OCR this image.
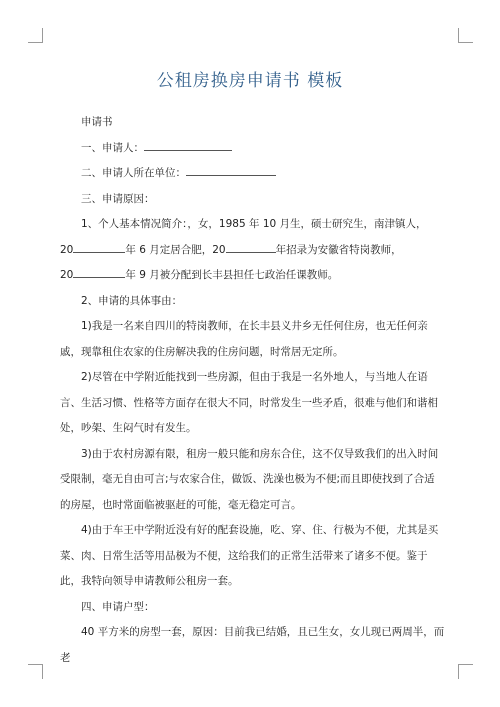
公租房换房申请书 模板

申请书

一、申请人：

二、申请人所在单位：

三、申请原因：

1、个人基本情况简介：，女，1985 年 10 月生，硕士研究生，南津镇人，

20	年 6 月定居合肥，20	年招录为安徽省特岗教师，

20	年 9 月被分配到长丰县担任七政治任课教师。

2、申请的具体事由：

1)我是一名来自四川的特岗教师，在长丰县义井乡无任何住房，也无任何亲戚，现靠租住农家的住房解决我的住房问题，时常居无定所。

2)尽管在中学附近能找到一些房源，但由于我是一名外地人，与当地人在语言、生活习惯、性格等方面存在很大不同，时常发生一些矛盾，很难与他们和谐相处，吵架、生闷气时有发生。

3)由于农村房源有限，租房一般只能和房东合住，这不仅导致我们的出入时间受限制，毫无自由可言;与农家合住，做饭、洗澡也极为不便;而且即使找到了合适的房屋，也时常面临被驱赶的可能，毫无稳定可言。

4)由于车王中学附近没有好的配套设施，吃、穿、住、行极为不便，尤其是买菜、肉、日常生活等用品极为不便，这给我们的正常生活带来了诸多不便。鉴于此，我特向领导申请教师公租房一套。

四、申请户型：

40 平方米的房型一套，原因：目前我已结婚，且已生女，女儿现已两周半，而老
